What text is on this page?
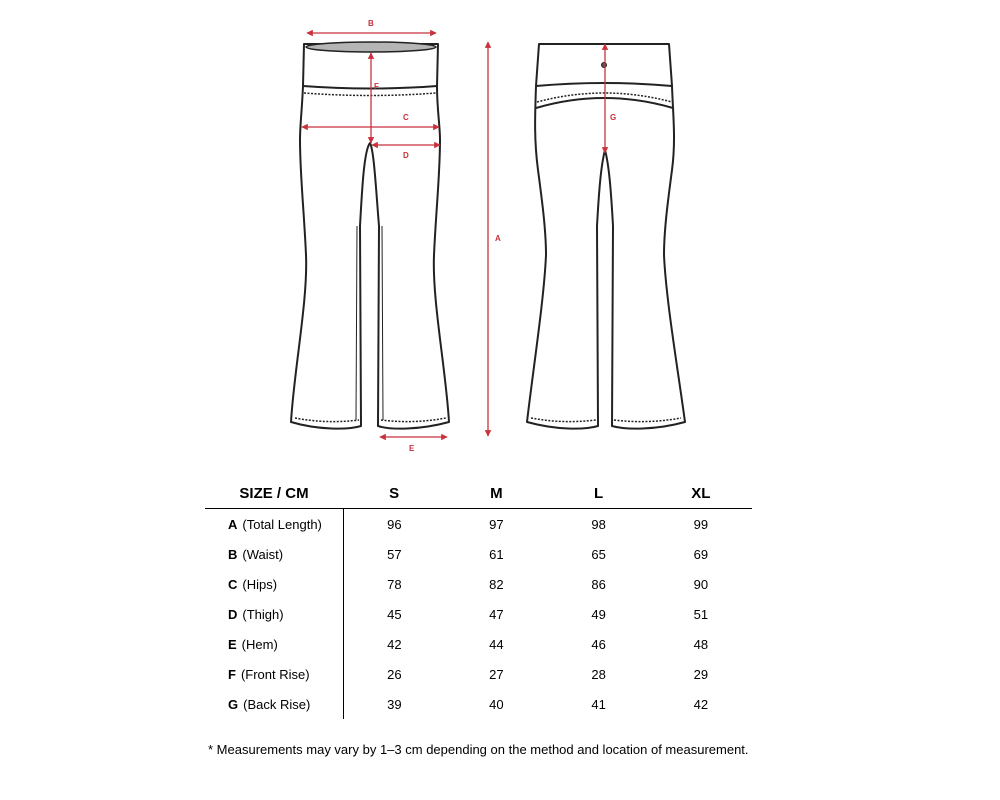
B
F
C
D
E
A
G
SIZE / CM	S	M	L	XL
A (Total Length)	96	97	98	99
B (Waist)	57	61	65	69
C (Hips)	78	82	86	90
D (Thigh)	45	47	49	51
E (Hem)	42	44	46	48
F (Front Rise)	26	27	28	29
G (Back Rise)	39	40	41	42
* Measurements may vary by 1–3 cm depending on the method and location of measurement.
